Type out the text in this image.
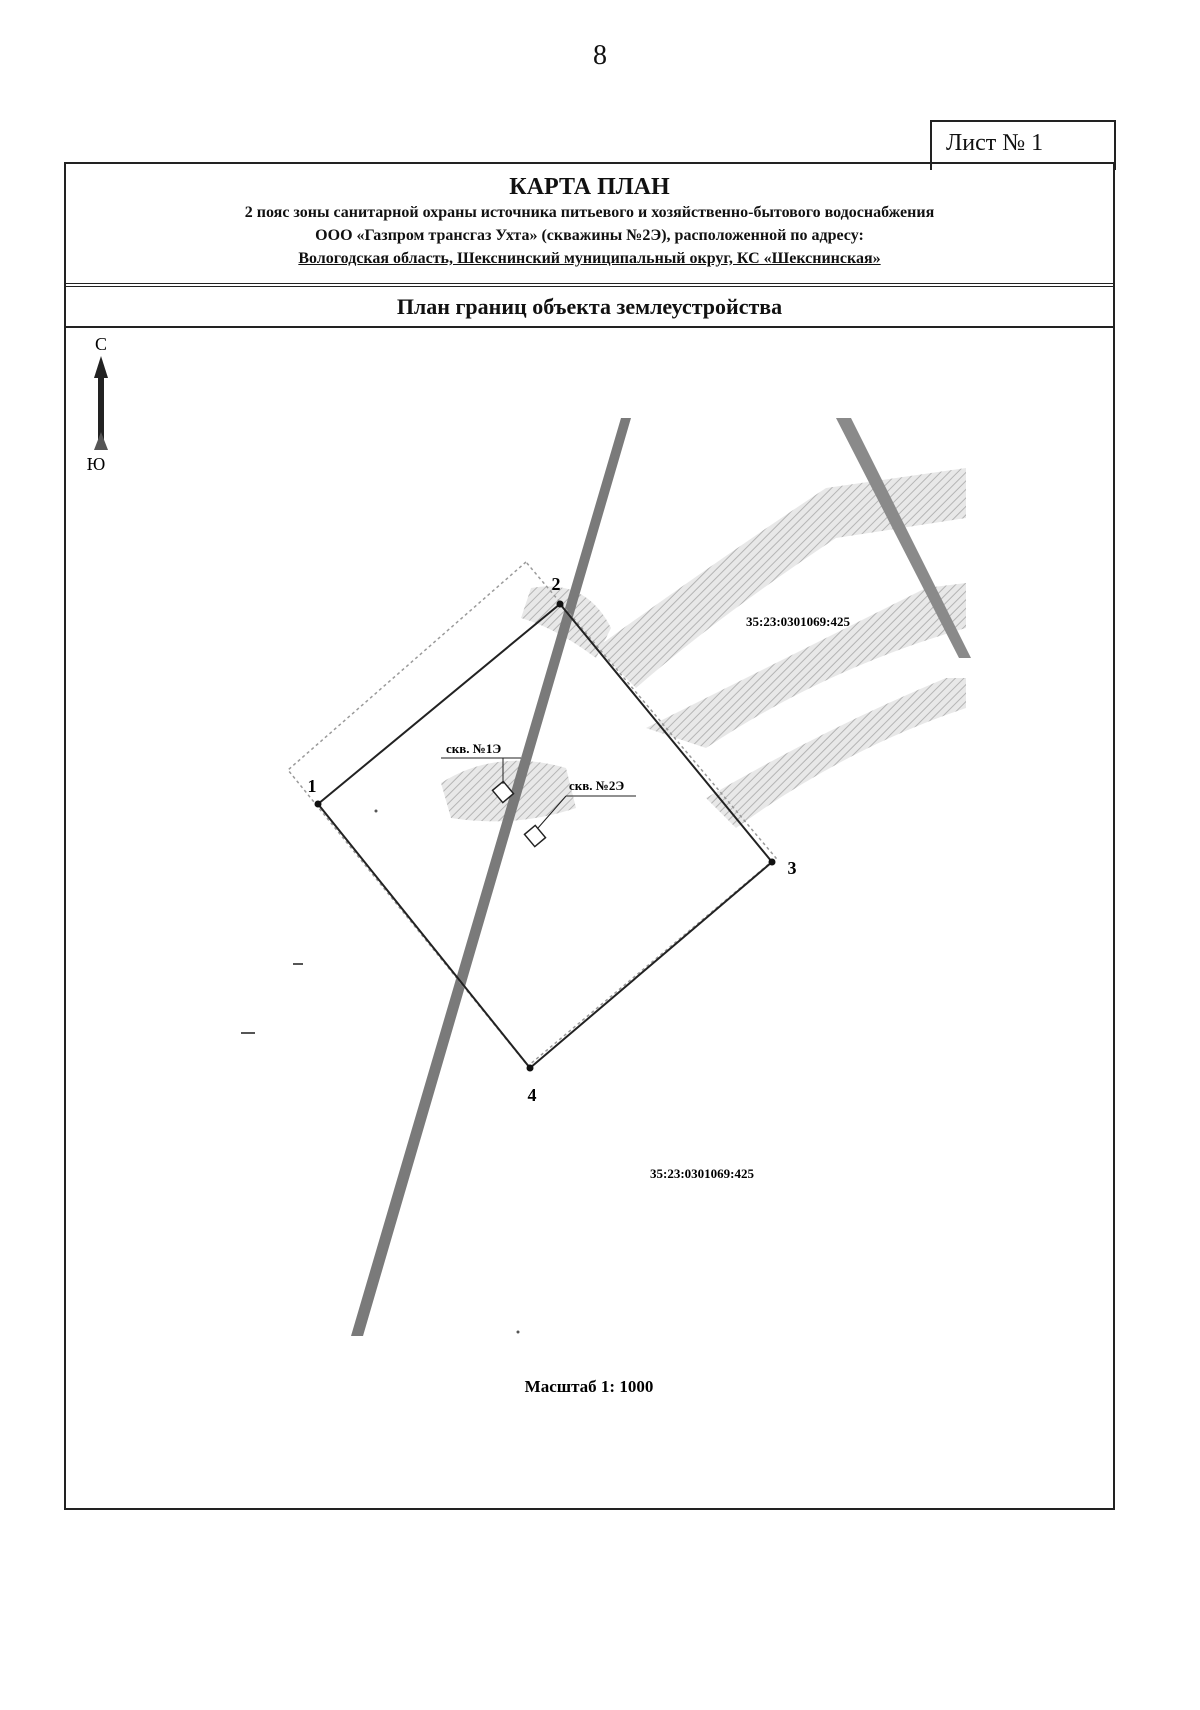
8
Лист № 1
КАРТА ПЛАН
2 пояс зоны санитарной охраны источника питьевого и хозяйственно-бытового водоснабжения
ООО «Газпром трансгаз Ухта» (скважины №2Э), расположенной по адресу:
Вологодская область, Шекснинский муниципальный округ, КС «Шекснинская»
План границ объекта землеустройства
С
Ю
1
2
3
4
скв. №1Э
скв. №2Э
35:23:0301069:425
35:23:0301069:425
Масштаб 1: 1000
